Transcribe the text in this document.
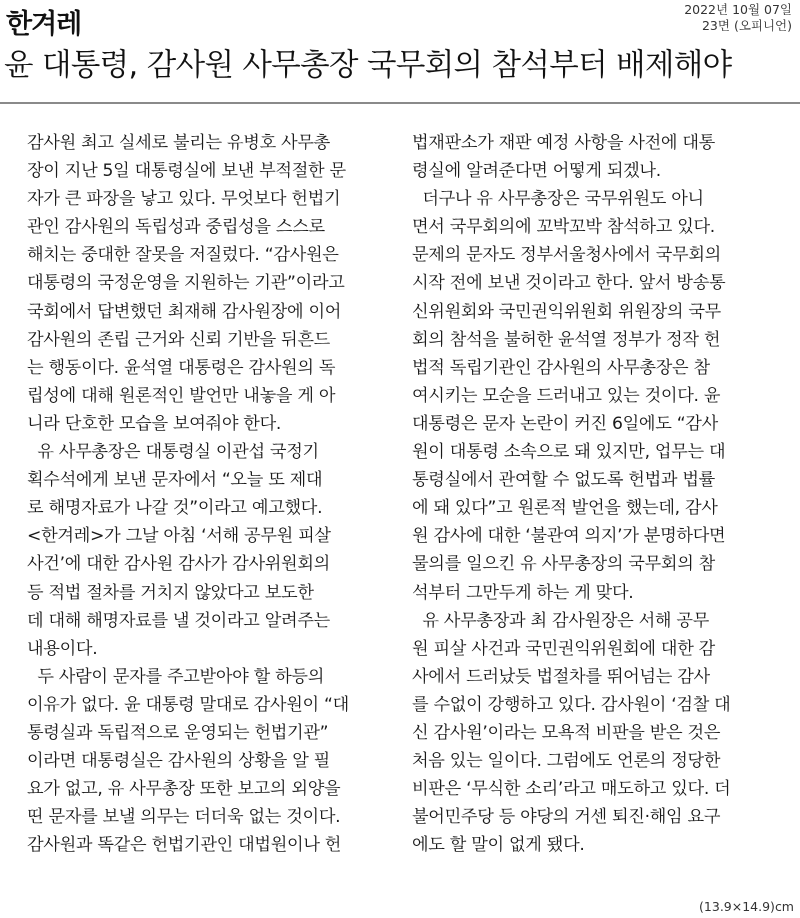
한겨레	2022년 10월 07일
23면 (오피니언)
윤 대통령, 감사원 사무총장 국무회의 참석부터 배제해야
감사원 최고 실세로 불리는 유병호 사무총
장이 지난 5일 대통령실에 보낸 부적절한 문
자가 큰 파장을 낳고 있다. 무엇보다 헌법기
관인 감사원의 독립성과 중립성을 스스로
해치는 중대한 잘못을 저질렀다. “감사원은
대통령의 국정운영을 지원하는 기관”이라고
국회에서 답변했던 최재해 감사원장에 이어
감사원의 존립 근거와 신뢰 기반을 뒤흔드
는 행동이다. 윤석열 대통령은 감사원의 독
립성에 대해 원론적인 발언만 내놓을 게 아
니라 단호한 모습을 보여줘야 한다.
유 사무총장은 대통령실 이관섭 국정기
획수석에게 보낸 문자에서 “오늘 또 제대
로 해명자료가 나갈 것”이라고 예고했다.
<한겨레>가 그날 아침 ‘서해 공무원 피살
사건’에 대한 감사원 감사가 감사위원회의
등 적법 절차를 거치지 않았다고 보도한
데 대해 해명자료를 낼 것이라고 알려주는
내용이다.
두 사람이 문자를 주고받아야 할 하등의
이유가 없다. 윤 대통령 말대로 감사원이 “대
통령실과 독립적으로 운영되는 헌법기관”
이라면 대통령실은 감사원의 상황을 알 필
요가 없고, 유 사무총장 또한 보고의 외양을
띤 문자를 보낼 의무는 더더욱 없는 것이다.
감사원과 똑같은 헌법기관인 대법원이나 헌
법재판소가 재판 예정 사항을 사전에 대통
령실에 알려준다면 어떻게 되겠나.
더구나 유 사무총장은 국무위원도 아니
면서 국무회의에 꼬박꼬박 참석하고 있다.
문제의 문자도 정부서울청사에서 국무회의
시작 전에 보낸 것이라고 한다. 앞서 방송통
신위원회와 국민권익위원회 위원장의 국무
회의 참석을 불허한 윤석열 정부가 정작 헌
법적 독립기관인 감사원의 사무총장은 참
여시키는 모순을 드러내고 있는 것이다. 윤
대통령은 문자 논란이 커진 6일에도 “감사
원이 대통령 소속으로 돼 있지만, 업무는 대
통령실에서 관여할 수 없도록 헌법과 법률
에 돼 있다”고 원론적 발언을 했는데, 감사
원 감사에 대한 ‘불관여 의지’가 분명하다면
물의를 일으킨 유 사무총장의 국무회의 참
석부터 그만두게 하는 게 맞다.
유 사무총장과 최 감사원장은 서해 공무
원 피살 사건과 국민권익위원회에 대한 감
사에서 드러났듯 법절차를 뛰어넘는 감사
를 수없이 강행하고 있다. 감사원이 ‘검찰 대
신 감사원’이라는 모욕적 비판을 받은 것은
처음 있는 일이다. 그럼에도 언론의 정당한
비판은 ‘무식한 소리’라고 매도하고 있다. 더
불어민주당 등 야당의 거센 퇴진·해임 요구
에도 할 말이 없게 됐다.
(13.9×14.9)cm
